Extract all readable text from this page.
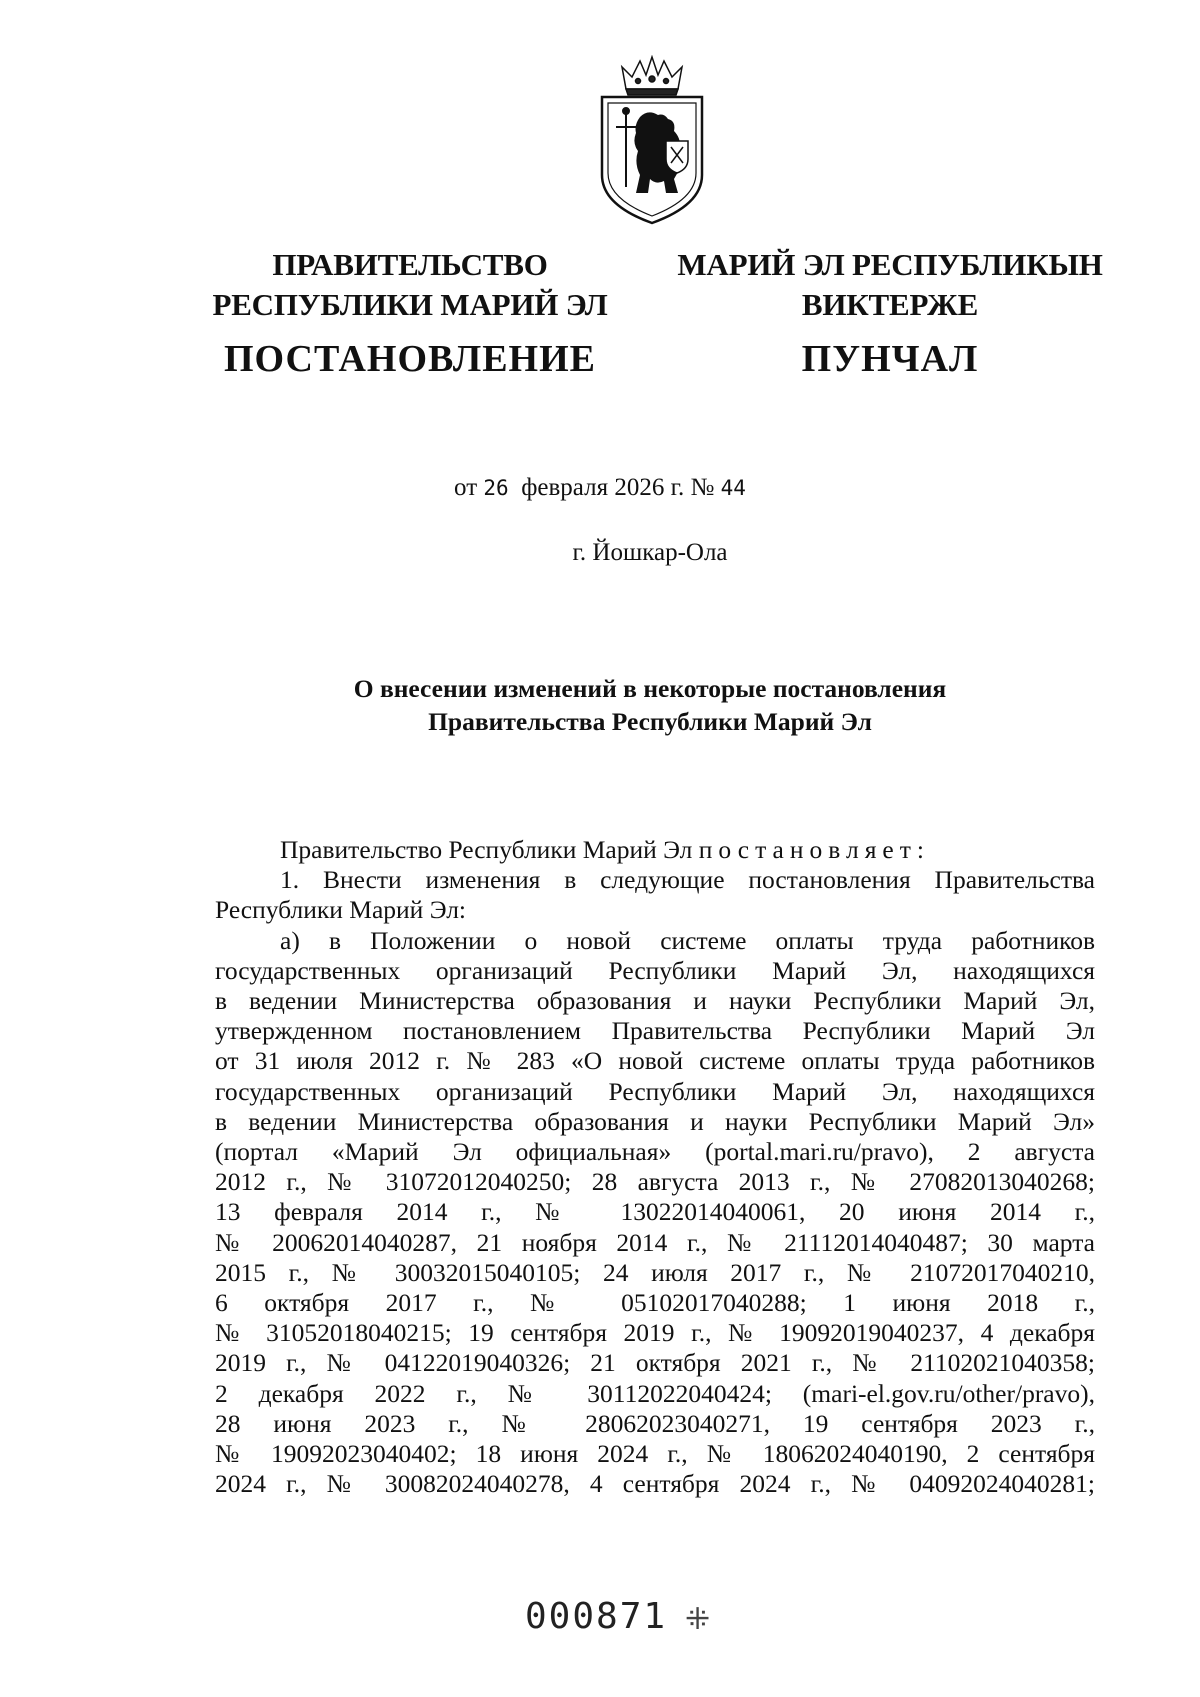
ПРАВИТЕЛЬСТВО
РЕСПУБЛИКИ МАРИЙ ЭЛ
ПОСТАНОВЛЕНИЕ
МАРИЙ ЭЛ РЕСПУБЛИКЫН
ВИКТЕРЖЕ
ПУНЧАЛ
от 26 февраля 2026 г. № 44
г. Йошкар-Ола
О внесении изменений в некоторые постановления
Правительства Республики Марий Эл

Правительство Республики Марий Эл постановляет:

1. Внести изменения в следующие постановления Правительства

Республики Марий Эл:

а) в Положении о новой системе оплаты труда работников

государственных организаций Республики Марий Эл, находящихся

в ведении Министерства образования и науки Республики Марий Эл,

утвержденном постановлением Правительства Республики Марий Эл

от 31 июля 2012 г. № 283 «О новой системе оплаты труда работников

государственных организаций Республики Марий Эл, находящихся

в ведении Министерства образования и науки Республики Марий Эл»

(портал «Марий Эл официальная» (portal.mari.ru/pravo), 2 августа

2012 г., № 31072012040250; 28 августа 2013 г., № 27082013040268;

13 февраля 2014 г., № 13022014040061, 20 июня 2014 г.,

№ 20062014040287, 21 ноября 2014 г., № 21112014040487; 30 марта

2015 г., № 30032015040105; 24 июля 2017 г., № 21072017040210,

6 октября 2017 г., № 05102017040288; 1 июня 2018 г.,

№ 31052018040215; 19 сентября 2019 г., № 19092019040237, 4 декабря

2019 г., № 04122019040326; 21 октября 2021 г., № 21102021040358;

2 декабря 2022 г., № 30112022040424; (mari-el.gov.ru/other/pravo),

28 июня 2023 г., № 28062023040271, 19 сентября 2023 г.,

№ 19092023040402; 18 июня 2024 г., № 18062024040190, 2 сентября

2024 г., № 30082024040278, 4 сентября 2024 г., № 04092024040281;

000871 ⁜
